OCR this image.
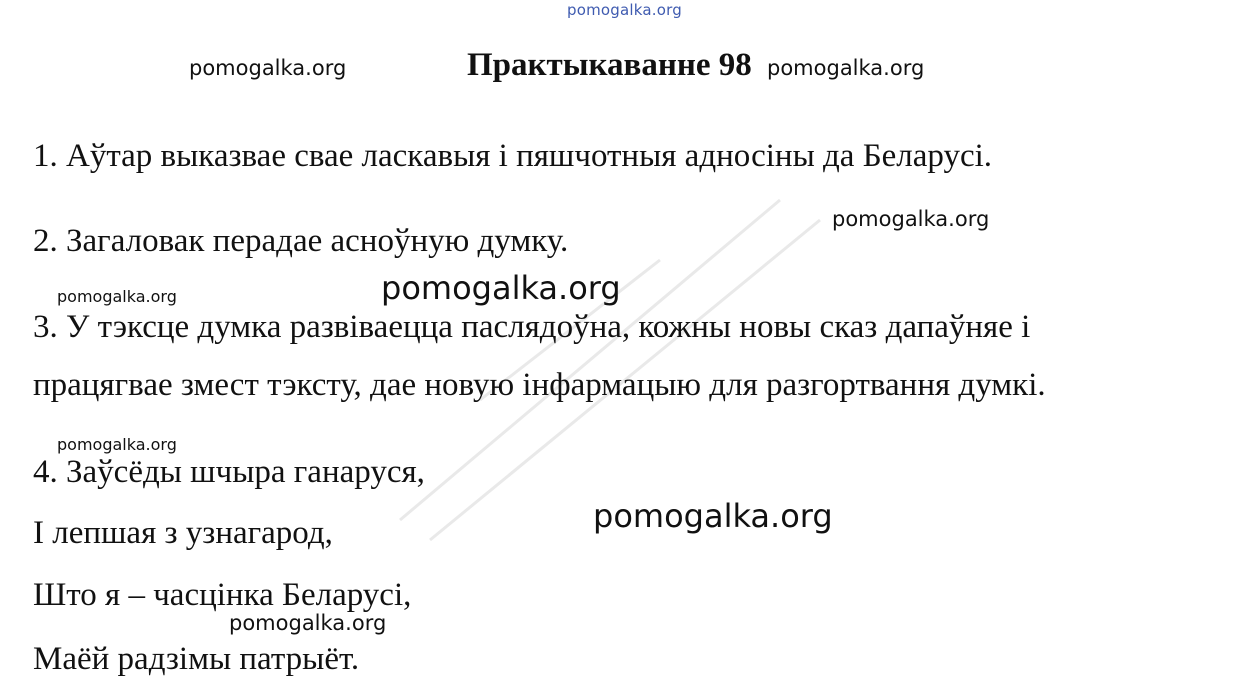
pomogalka.org
pomogalka.org	Практыкаванне 98 pomogalka.org
1. Аўтар выказвае свае ласкавыя і пяшчотныя адносіны да Беларусі.
pomogalka.org
2. Загаловак перадае асноўную думку.
pomogalka.org	pomogalka.org
3. У тэксце думка развіваецца паслядоўна, кожны новы сказ дапаўняе і
працягвае змест тэксту, дае новую інфармацыю для разгортвання думкі.
pomogalka.org
4. Заўсёды шчыра ганаруся,
pomogalka.org
І лепшая з узнагарод,
Што я – часцінка Беларусі,
pomogalka.org
Маёй радзімы патрыёт.
